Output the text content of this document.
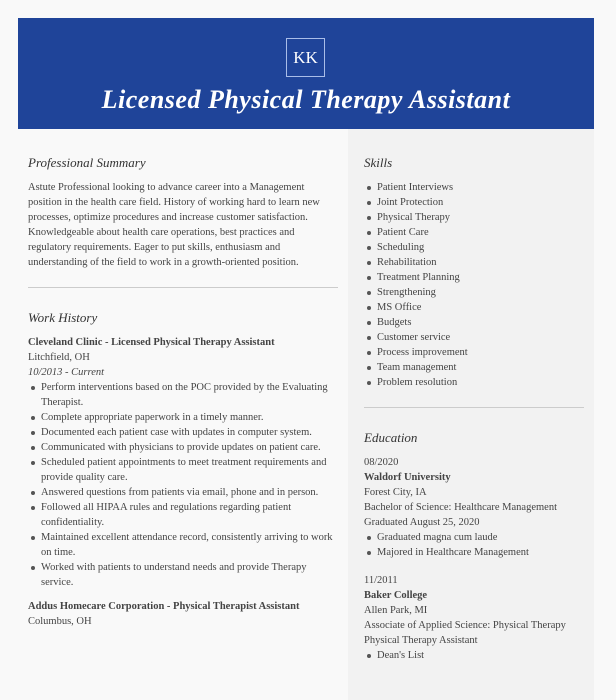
KK
Licensed Physical Therapy Assistant
Professional Summary

Astute Professional looking to advance career into a Management position in the health care field. History of working hard to learn new processes, optimize procedures and increase customer satisfaction. Knowledgeable about health care operations, best practices and regulatory requirements. Eager to put skills, enthusiasm and understanding of the field to work in a growth-oriented position.

Work History
Cleveland Clinic - Licensed Physical Therapy Assistant
Litchfield, OH
10/2013 - Current
Perform interventions based on the POC provided by the Evaluating Therapist.
Complete appropriate paperwork in a timely manner.
Documented each patient case with updates in computer system.
Communicated with physicians to provide updates on patient care.
Scheduled patient appointments to meet treatment requirements and provide quality care.
Answered questions from patients via email, phone and in person.
Followed all HIPAA rules and regulations regarding patient confidentiality.
Maintained excellent attendance record, consistently arriving to work on time.
Worked with patients to understand needs and provide Therapy service.
Addus Homecare Corporation - Physical Therapist Assistant
Columbus, OH
Skills
Patient Interviews
Joint Protection
Physical Therapy
Patient Care
Scheduling
Rehabilitation
Treatment Planning
Strengthening
MS Office
Budgets
Customer service
Process improvement
Team management
Problem resolution
Education
08/2020
Waldorf University
Forest City, IA
Bachelor of Science: Healthcare Management
Graduated August 25, 2020
Graduated magna cum laude
Majored in Healthcare Management
11/2011
Baker College
Allen Park, MI
Associate of Applied Science: Physical Therapy
Physical Therapy Assistant
Dean's List
